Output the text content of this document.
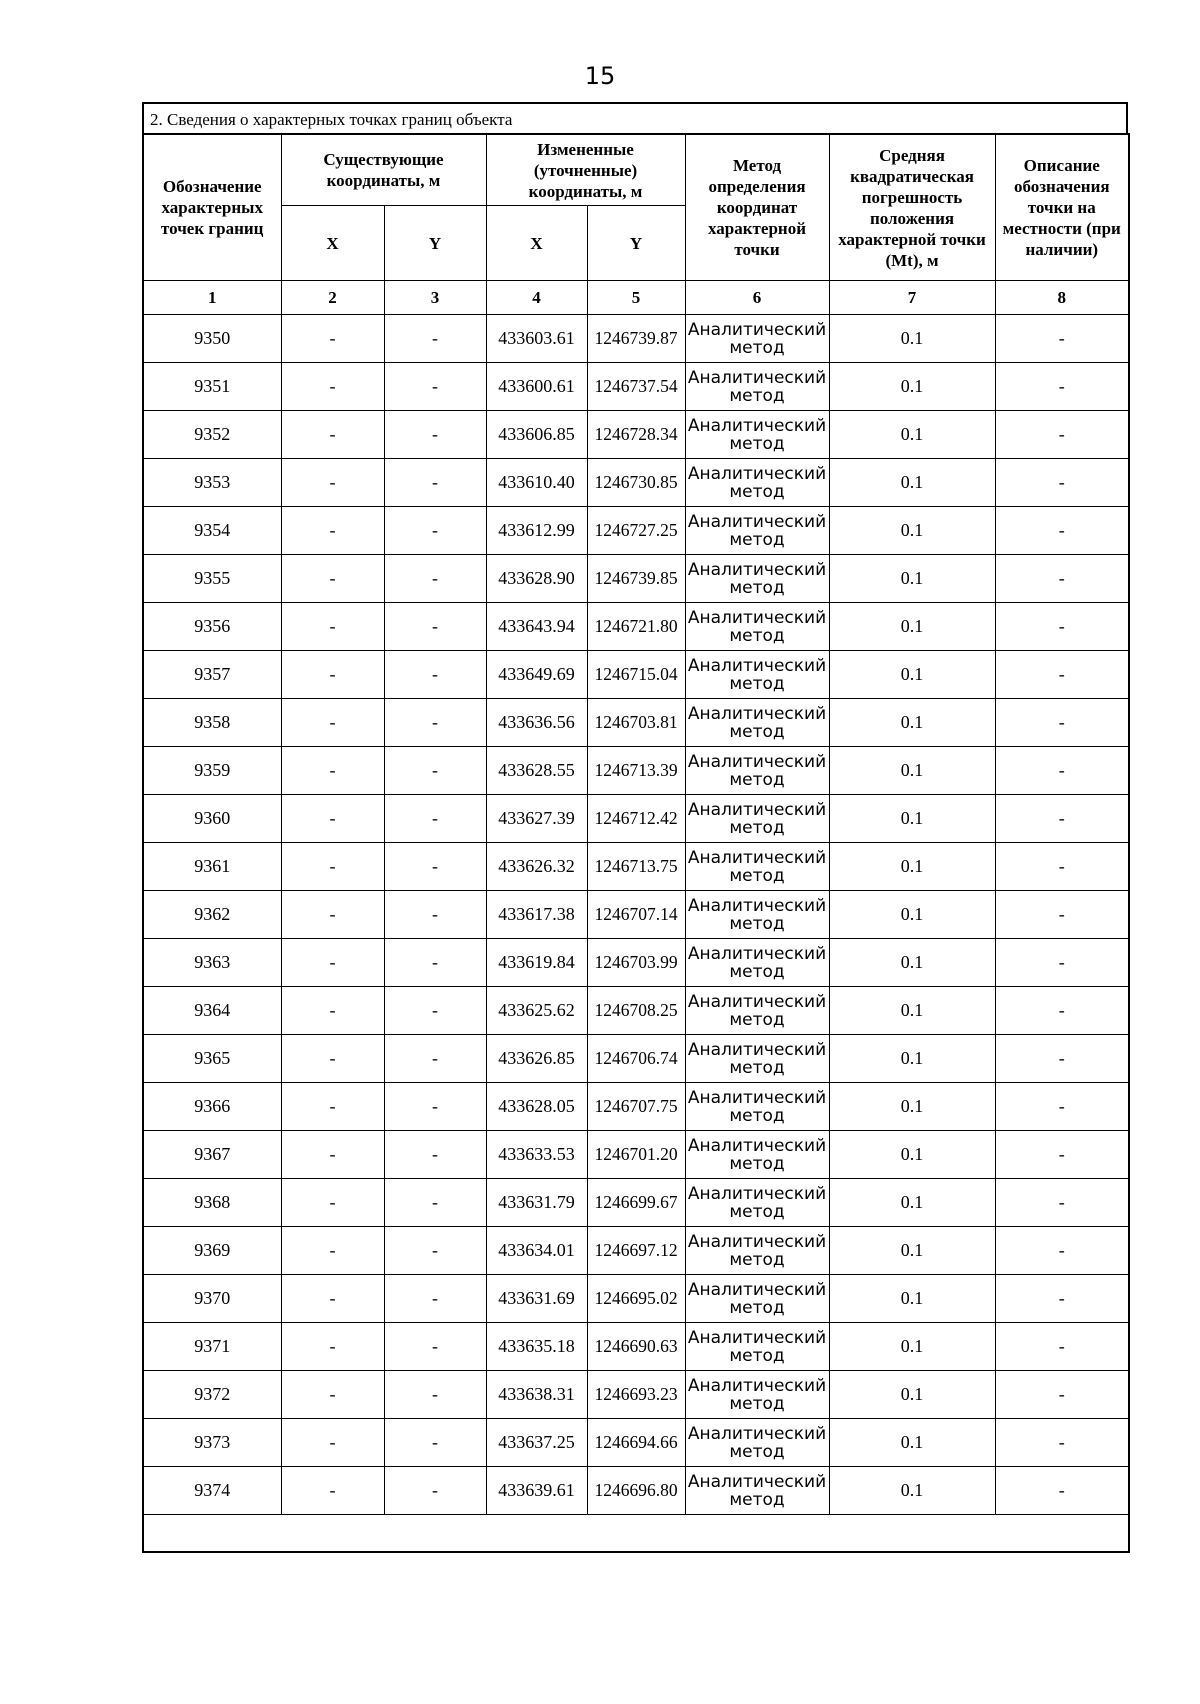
15
2. Сведения о характерных точках границ объекта
Обозначение характерных точек границ	Существующие координаты, м		Измененные (уточненные) координаты, м		Метод определения координат характерной точки	Средняя квадратическая погрешность положения характерной точки (Mt), м	Описание обозначения точки на местности (при наличии)
	X	Y	X	Y			
1	2	3	4	5	6	7	8
9350	-	-	433603.61	1246739.87	Аналитический метод	0.1	-
9351	-	-	433600.61	1246737.54	Аналитический метод	0.1	-
9352	-	-	433606.85	1246728.34	Аналитический метод	0.1	-
9353	-	-	433610.40	1246730.85	Аналитический метод	0.1	-
9354	-	-	433612.99	1246727.25	Аналитический метод	0.1	-
9355	-	-	433628.90	1246739.85	Аналитический метод	0.1	-
9356	-	-	433643.94	1246721.80	Аналитический метод	0.1	-
9357	-	-	433649.69	1246715.04	Аналитический метод	0.1	-
9358	-	-	433636.56	1246703.81	Аналитический метод	0.1	-
9359	-	-	433628.55	1246713.39	Аналитический метод	0.1	-
9360	-	-	433627.39	1246712.42	Аналитический метод	0.1	-
9361	-	-	433626.32	1246713.75	Аналитический метод	0.1	-
9362	-	-	433617.38	1246707.14	Аналитический метод	0.1	-
9363	-	-	433619.84	1246703.99	Аналитический метод	0.1	-
9364	-	-	433625.62	1246708.25	Аналитический метод	0.1	-
9365	-	-	433626.85	1246706.74	Аналитический метод	0.1	-
9366	-	-	433628.05	1246707.75	Аналитический метод	0.1	-
9367	-	-	433633.53	1246701.20	Аналитический метод	0.1	-
9368	-	-	433631.79	1246699.67	Аналитический метод	0.1	-
9369	-	-	433634.01	1246697.12	Аналитический метод	0.1	-
9370	-	-	433631.69	1246695.02	Аналитический метод	0.1	-
9371	-	-	433635.18	1246690.63	Аналитический метод	0.1	-
9372	-	-	433638.31	1246693.23	Аналитический метод	0.1	-
9373	-	-	433637.25	1246694.66	Аналитический метод	0.1	-
9374	-	-	433639.61	1246696.80	Аналитический метод	0.1	-
